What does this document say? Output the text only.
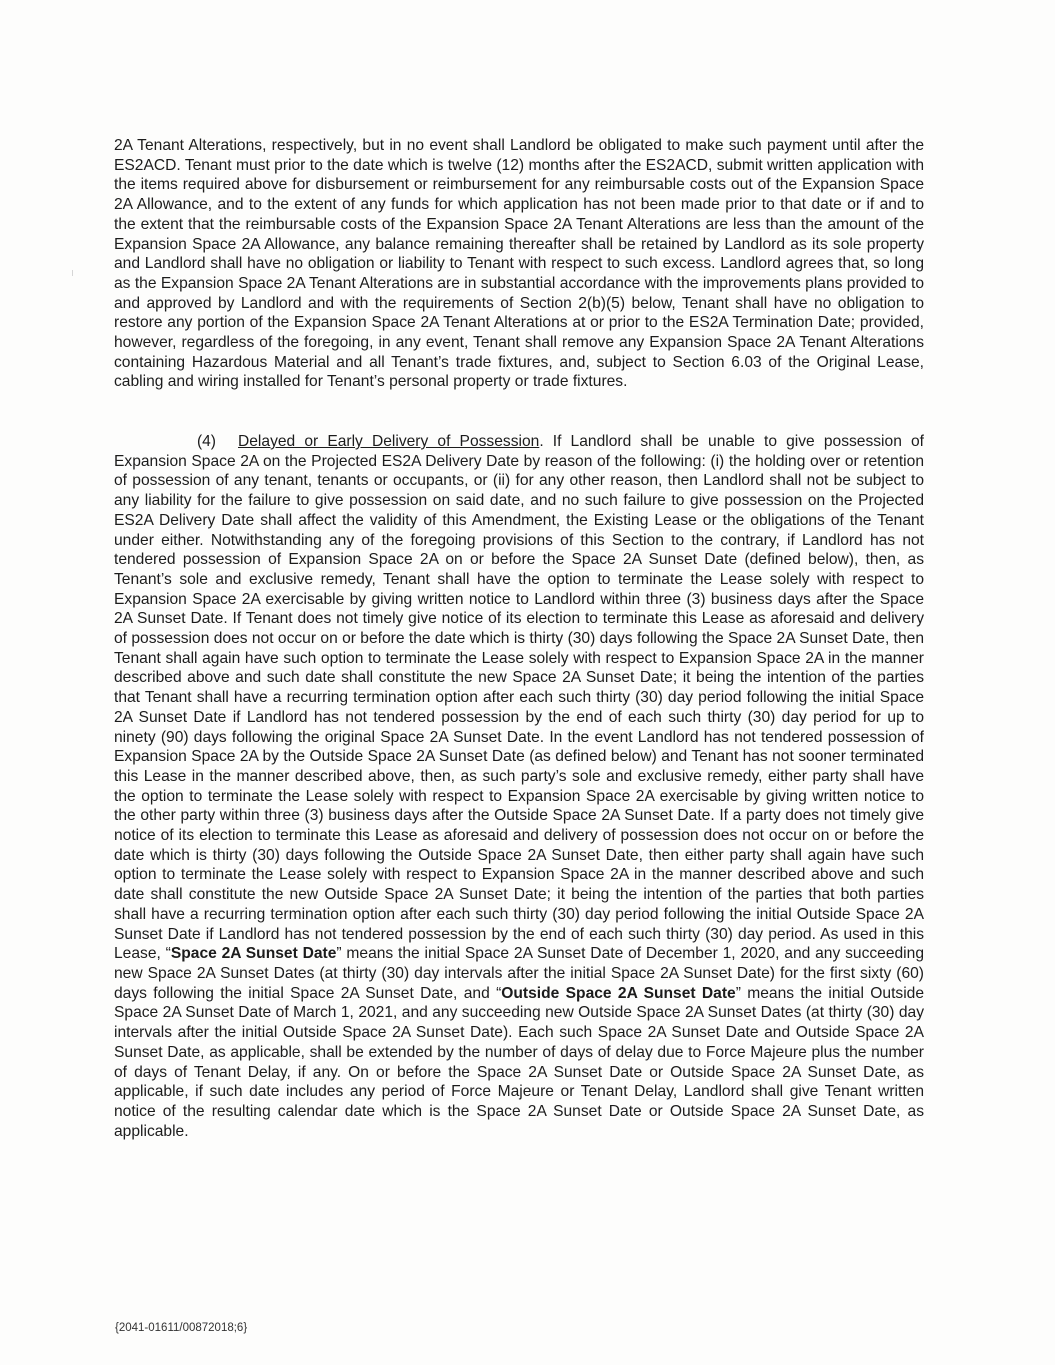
2A Tenant Alterations, respectively, but in no event shall Landlord be obligated to make such payment until after the ES2ACD. Tenant must prior to the date which is twelve (12) months after the ES2ACD, submit written application with the items required above for disbursement or reimbursement for any reimbursable costs out of the Expansion Space 2A Allowance, and to the extent of any funds for which application has not been made prior to that date or if and to the extent that the reimbursable costs of the Expansion Space 2A Tenant Alterations are less than the amount of the Expansion Space 2A Allowance, any balance remaining thereafter shall be retained by Landlord as its sole property and Landlord shall have no obligation or liability to Tenant with respect to such excess. Landlord agrees that, so long as the Expansion Space 2A Tenant Alterations are in substantial accordance with the improvements plans provided to and approved by Landlord and with the requirements of Section 2(b)(5) below, Tenant shall have no obligation to restore any portion of the Expansion Space 2A Tenant Alterations at or prior to the ES2A Termination Date; provided, however, regardless of the foregoing, in any event, Tenant shall remove any Expansion Space 2A Tenant Alterations containing Hazardous Material and all Tenant’s trade fixtures, and, subject to Section 6.03 of the Original Lease, cabling and wiring installed for Tenant’s personal property or trade fixtures.

(4) Delayed or Early Delivery of Possession. If Landlord shall be unable to give possession of Expansion Space 2A on the Projected ES2A Delivery Date by reason of the following: (i) the holding over or retention of possession of any tenant, tenants or occupants, or (ii) for any other reason, then Landlord shall not be subject to any liability for the failure to give possession on said date, and no such failure to give possession on the Projected ES2A Delivery Date shall affect the validity of this Amendment, the Existing Lease or the obligations of the Tenant under either. Notwithstanding any of the foregoing provisions of this Section to the contrary, if Landlord has not tendered possession of Expansion Space 2A on or before the Space 2A Sunset Date (defined below), then, as Tenant’s sole and exclusive remedy, Tenant shall have the option to terminate the Lease solely with respect to Expansion Space 2A exercisable by giving written notice to Landlord within three (3) business days after the Space 2A Sunset Date. If Tenant does not timely give notice of its election to terminate this Lease as aforesaid and delivery of possession does not occur on or before the date which is thirty (30) days following the Space 2A Sunset Date, then Tenant shall again have such option to terminate the Lease solely with respect to Expansion Space 2A in the manner described above and such date shall constitute the new Space 2A Sunset Date; it being the intention of the parties that Tenant shall have a recurring termination option after each such thirty (30) day period following the initial Space 2A Sunset Date if Landlord has not tendered possession by the end of each such thirty (30) day period for up to ninety (90) days following the original Space 2A Sunset Date. In the event Landlord has not tendered possession of Expansion Space 2A by the Outside Space 2A Sunset Date (as defined below) and Tenant has not sooner terminated this Lease in the manner described above, then, as such party’s sole and exclusive remedy, either party shall have the option to terminate the Lease solely with respect to Expansion Space 2A exercisable by giving written notice to the other party within three (3) business days after the Outside Space 2A Sunset Date. If a party does not timely give notice of its election to terminate this Lease as aforesaid and delivery of possession does not occur on or before the date which is thirty (30) days following the Outside Space 2A Sunset Date, then either party shall again have such option to terminate the Lease solely with respect to Expansion Space 2A in the manner described above and such date shall constitute the new Outside Space 2A Sunset Date; it being the intention of the parties that both parties shall have a recurring termination option after each such thirty (30) day period following the initial Outside Space 2A Sunset Date if Landlord has not tendered possession by the end of each such thirty (30) day period. As used in this Lease, “Space 2A Sunset Date” means the initial Space 2A Sunset Date of December 1, 2020, and any succeeding new Space 2A Sunset Dates (at thirty (30) day intervals after the initial Space 2A Sunset Date) for the first sixty (60) days following the initial Space 2A Sunset Date, and “Outside Space 2A Sunset Date” means the initial Outside Space 2A Sunset Date of March 1, 2021, and any succeeding new Outside Space 2A Sunset Dates (at thirty (30) day intervals after the initial Outside Space 2A Sunset Date). Each such Space 2A Sunset Date and Outside Space 2A Sunset Date, as applicable, shall be extended by the number of days of delay due to Force Majeure plus the number of days of Tenant Delay, if any. On or before the Space 2A Sunset Date or Outside Space 2A Sunset Date, as applicable, if such date includes any period of Force Majeure or Tenant Delay, Landlord shall give Tenant written notice of the resulting calendar date which is the Space 2A Sunset Date or Outside Space 2A Sunset Date, as applicable.

{2041-01611/00872018;6}
